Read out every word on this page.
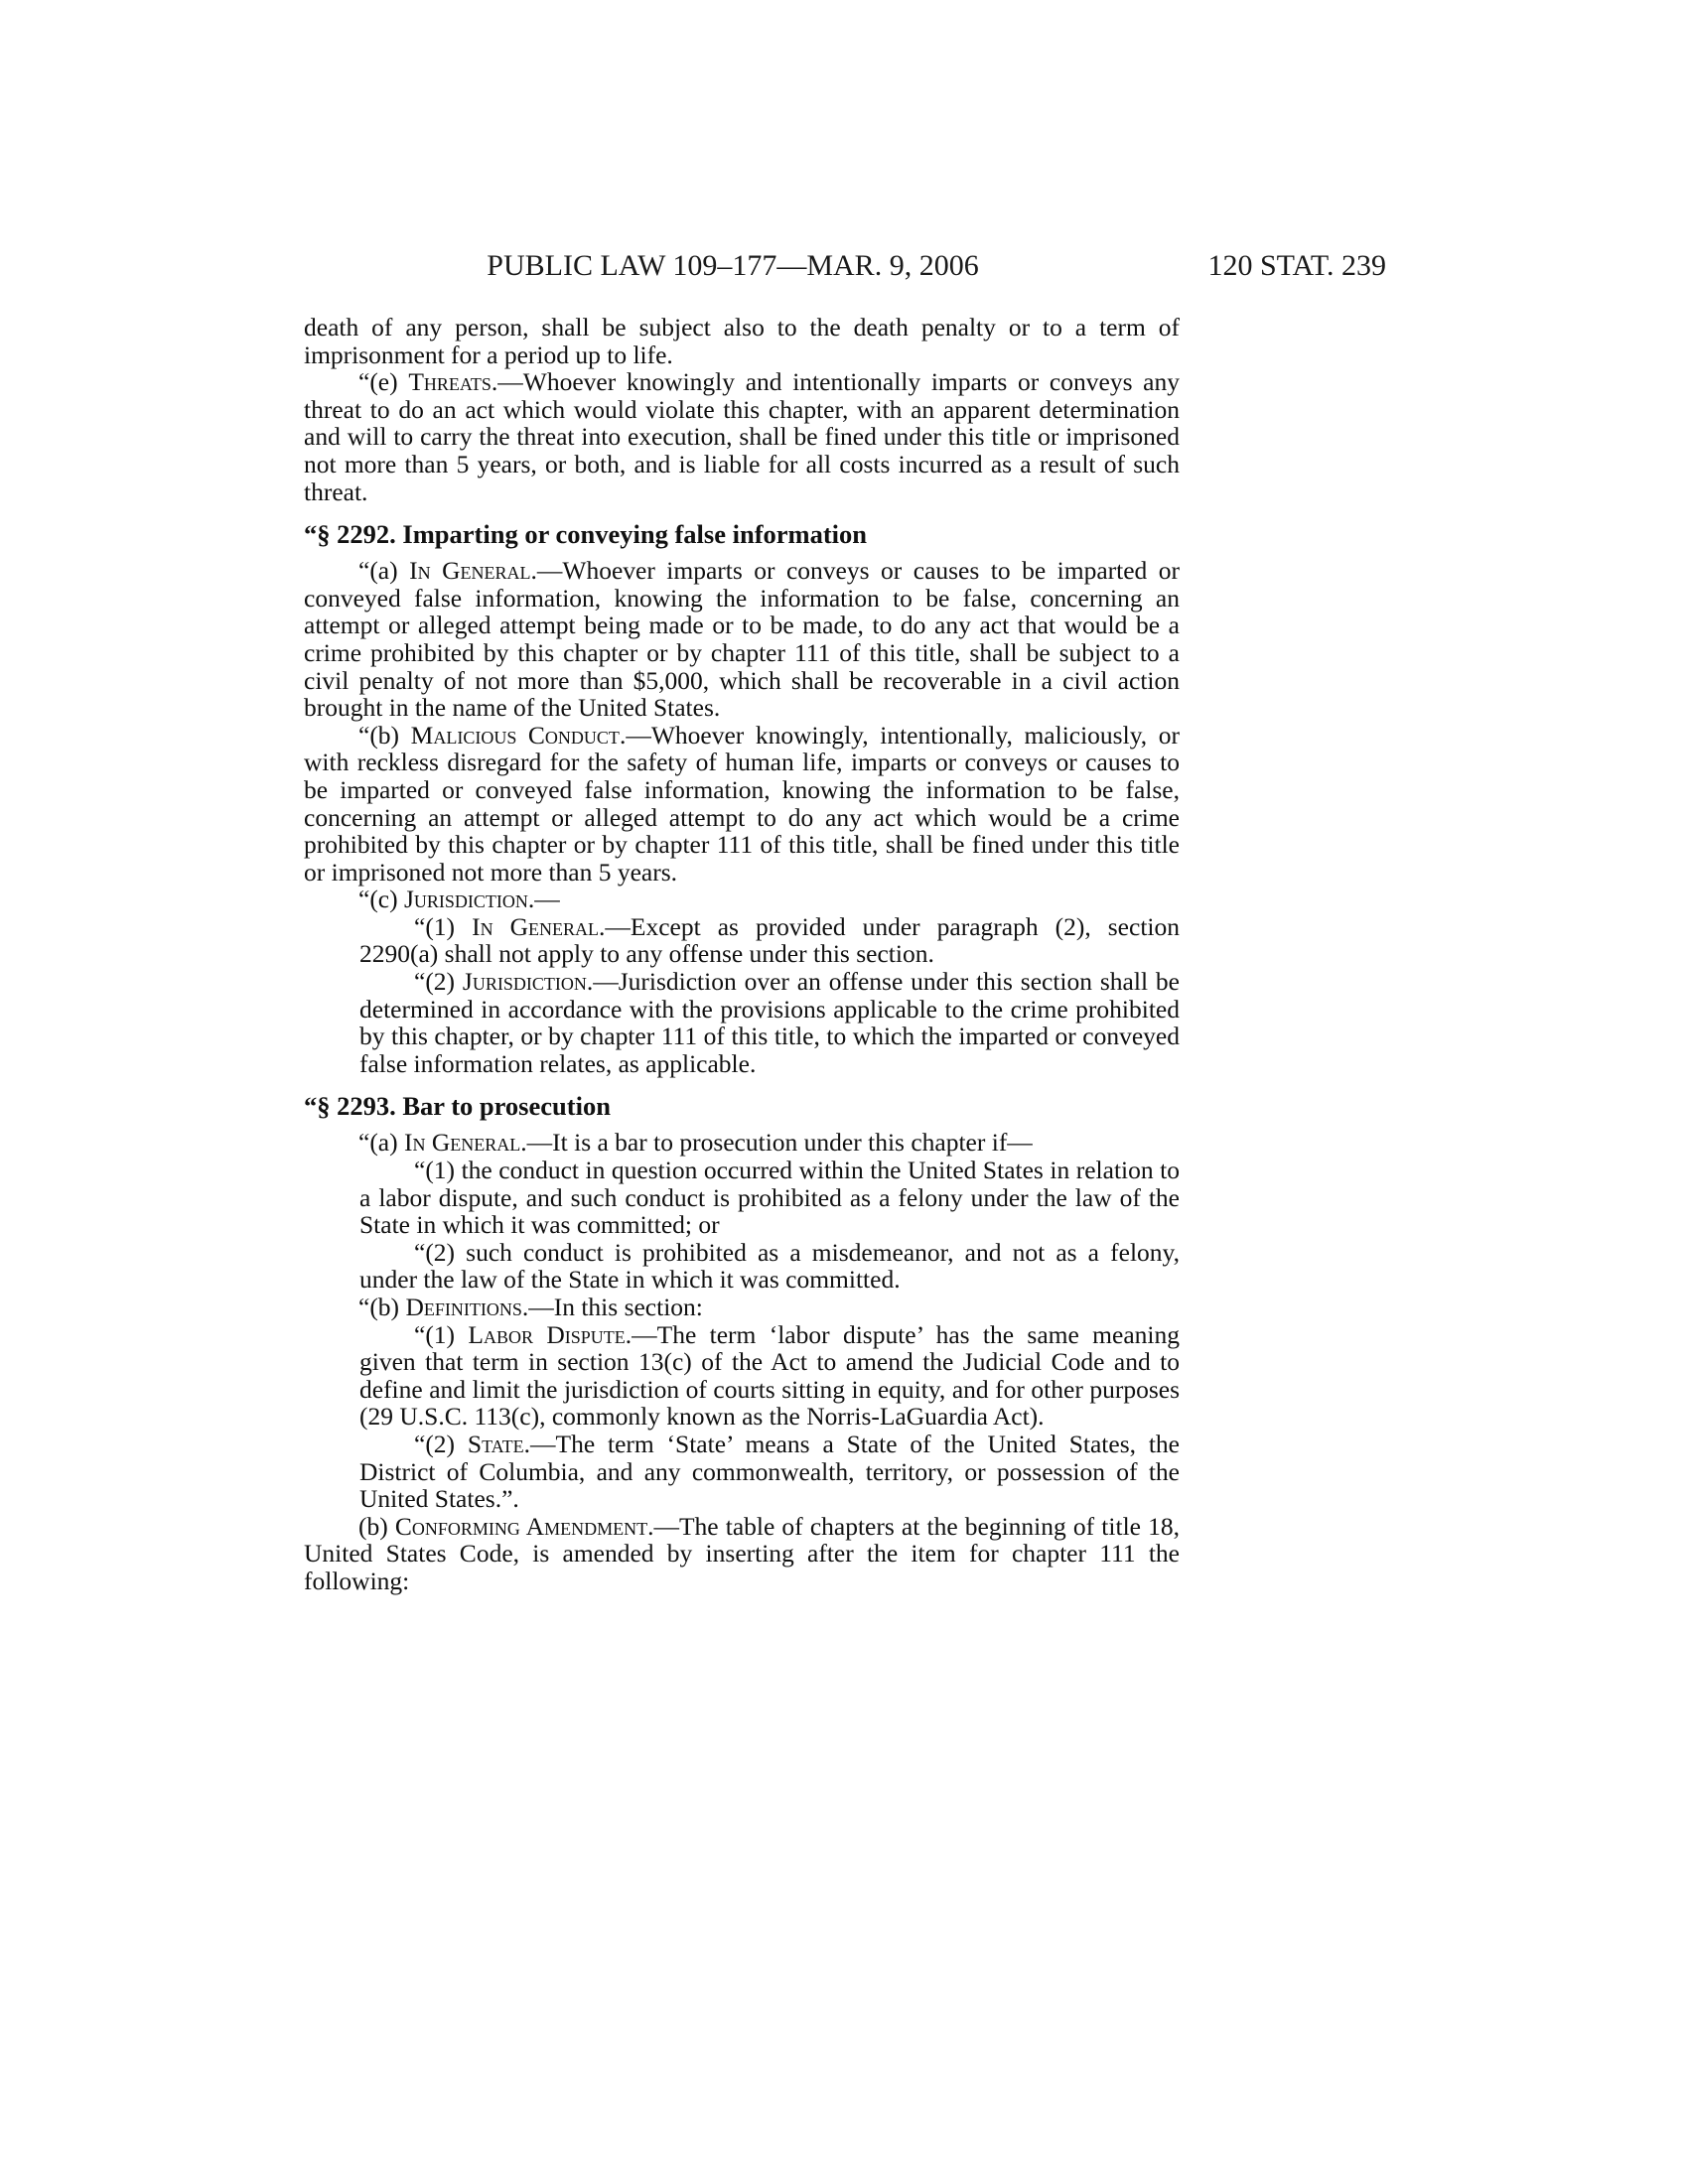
PUBLIC LAW 109–177—MAR. 9, 2006	120 STAT. 239

death of any person, shall be subject also to the death penalty or to a term of imprisonment for a period up to life.

“(e) Threats.—Whoever knowingly and intentionally imparts or conveys any threat to do an act which would violate this chapter, with an apparent determination and will to carry the threat into execution, shall be fined under this title or imprisoned not more than 5 years, or both, and is liable for all costs incurred as a result of such threat.

“§ 2292. Imparting or conveying false information

“(a) In General.—Whoever imparts or conveys or causes to be imparted or conveyed false information, knowing the information to be false, concerning an attempt or alleged attempt being made or to be made, to do any act that would be a crime prohibited by this chapter or by chapter 111 of this title, shall be subject to a civil penalty of not more than $5,000, which shall be recoverable in a civil action brought in the name of the United States.

“(b) Malicious Conduct.—Whoever knowingly, intentionally, maliciously, or with reckless disregard for the safety of human life, imparts or conveys or causes to be imparted or conveyed false information, knowing the information to be false, concerning an attempt or alleged attempt to do any act which would be a crime prohibited by this chapter or by chapter 111 of this title, shall be fined under this title or imprisoned not more than 5 years.

“(c) Jurisdiction.—

“(1) In General.—Except as provided under paragraph (2), section 2290(a) shall not apply to any offense under this section.

“(2) Jurisdiction.—Jurisdiction over an offense under this section shall be determined in accordance with the provisions applicable to the crime prohibited by this chapter, or by chapter 111 of this title, to which the imparted or conveyed false information relates, as applicable.

“§ 2293. Bar to prosecution

“(a) In General.—It is a bar to prosecution under this chapter if—

“(1) the conduct in question occurred within the United States in relation to a labor dispute, and such conduct is prohibited as a felony under the law of the State in which it was committed; or

“(2) such conduct is prohibited as a misdemeanor, and not as a felony, under the law of the State in which it was committed.

“(b) Definitions.—In this section:

“(1) Labor Dispute.—The term ‘labor dispute’ has the same meaning given that term in section 13(c) of the Act to amend the Judicial Code and to define and limit the jurisdiction of courts sitting in equity, and for other purposes (29 U.S.C. 113(c), commonly known as the Norris-LaGuardia Act).

“(2) State.—The term ‘State’ means a State of the United States, the District of Columbia, and any commonwealth, territory, or possession of the United States.”.

(b) Conforming Amendment.—The table of chapters at the beginning of title 18, United States Code, is amended by inserting after the item for chapter 111 the following:
